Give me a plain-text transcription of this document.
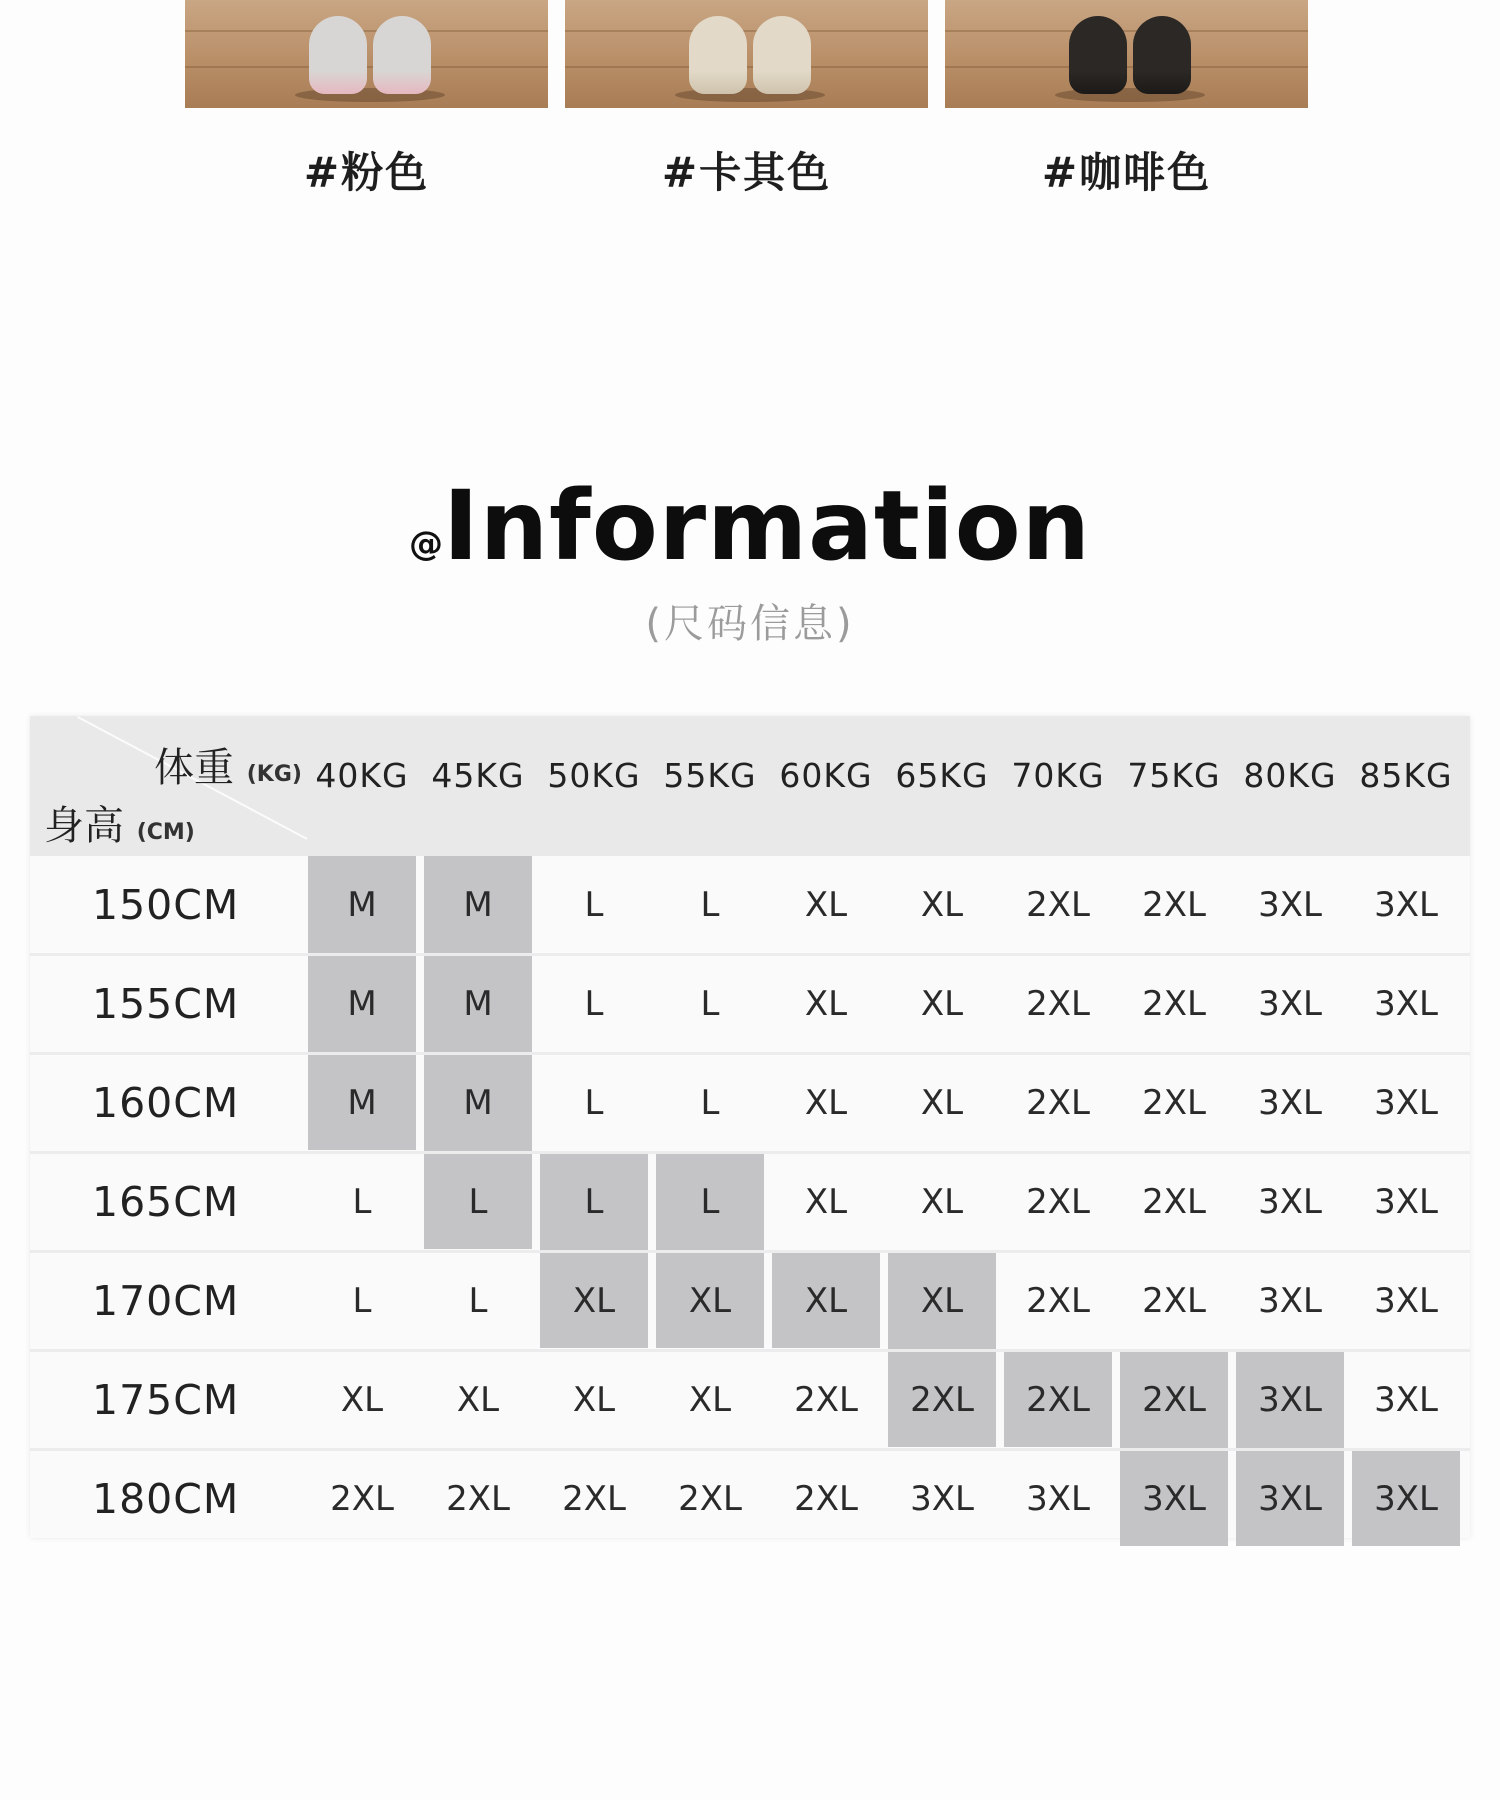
#粉色	#卡其色	#咖啡色
@Information
(尺码信息)
体重 (KG)
身高 (CM)
40KG 45KG 50KG 55KG 60KG 65KG 70KG 75KG 80KG 85KG
150CM	M	M	L	L	XL	XL	2XL	2XL	3XL	3XL
155CM	M	M	L	L	XL	XL	2XL	2XL	3XL	3XL
160CM	M	M	L	L	XL	XL	2XL	2XL	3XL	3XL
165CM	L	L	L	L	XL	XL	2XL	2XL	3XL	3XL
170CM	L	L	XL	XL	XL	XL	2XL	2XL	3XL	3XL
175CM	XL	XL	XL	XL	2XL	2XL	2XL	2XL	3XL	3XL
180CM	2XL	2XL	2XL	2XL	2XL	3XL	3XL	3XL	3XL	3XL
